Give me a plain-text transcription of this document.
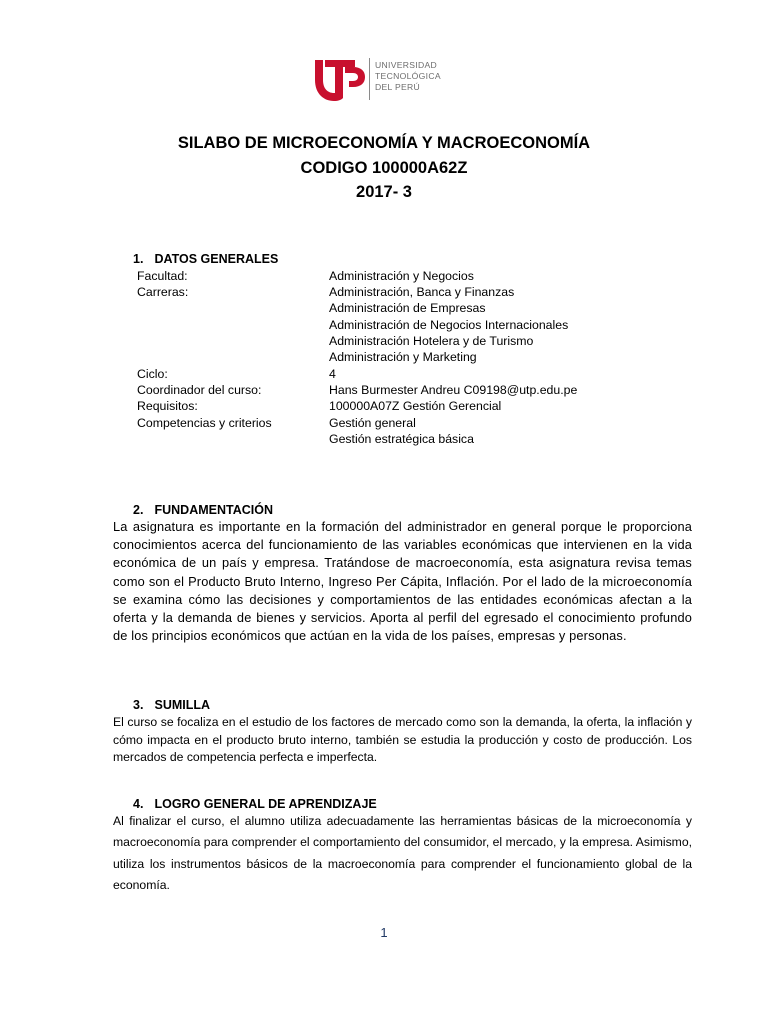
UNIVERSIDAD
TECNOLÓGICA
DEL PERÚ
SILABO DE MICROECONOMÍA Y MACROECONOMÍA
CODIGO 100000A62Z
2017- 3
1. DATOS GENERALES
Facultad:	Administración y Negocios
Carreras:	Administración, Banca y Finanzas
Administración de Empresas
Administración de Negocios Internacionales
Administración Hotelera y de Turismo
Administración y Marketing
Ciclo:	4
Coordinador del curso:	Hans Burmester Andreu C09198@utp.edu.pe
Requisitos:	100000A07Z Gestión Gerencial
Competencias y criterios	Gestión general
Gestión estratégica básica
2. FUNDAMENTACIÓN
La asignatura es importante en la formación del administrador en general porque le proporciona conocimientos acerca del funcionamiento de las variables económicas que intervienen en la vida económica de un país y empresa. Tratándose de macroeconomía, esta asignatura revisa temas como son el Producto Bruto Interno, Ingreso Per Cápita, Inflación. Por el lado de la microeconomía se examina cómo las decisiones y comportamientos de las entidades económicas afectan a la oferta y la demanda de bienes y servicios. Aporta al perfil del egresado el conocimiento profundo de los principios económicos que actúan en la vida de los países, empresas y personas.
3. SUMILLA
El curso se focaliza en el estudio de los factores de mercado como son la demanda, la oferta, la inflación y cómo impacta en el producto bruto interno, también se estudia la producción y costo de producción. Los mercados de competencia perfecta e imperfecta.
4. LOGRO GENERAL DE APRENDIZAJE
Al finalizar el curso, el alumno utiliza adecuadamente las herramientas básicas de la microeconomía y macroeconomía para comprender el comportamiento del consumidor, el mercado, y la empresa. Asimismo, utiliza los instrumentos básicos de la macroeconomía para comprender el funcionamiento global de la economía.
1
